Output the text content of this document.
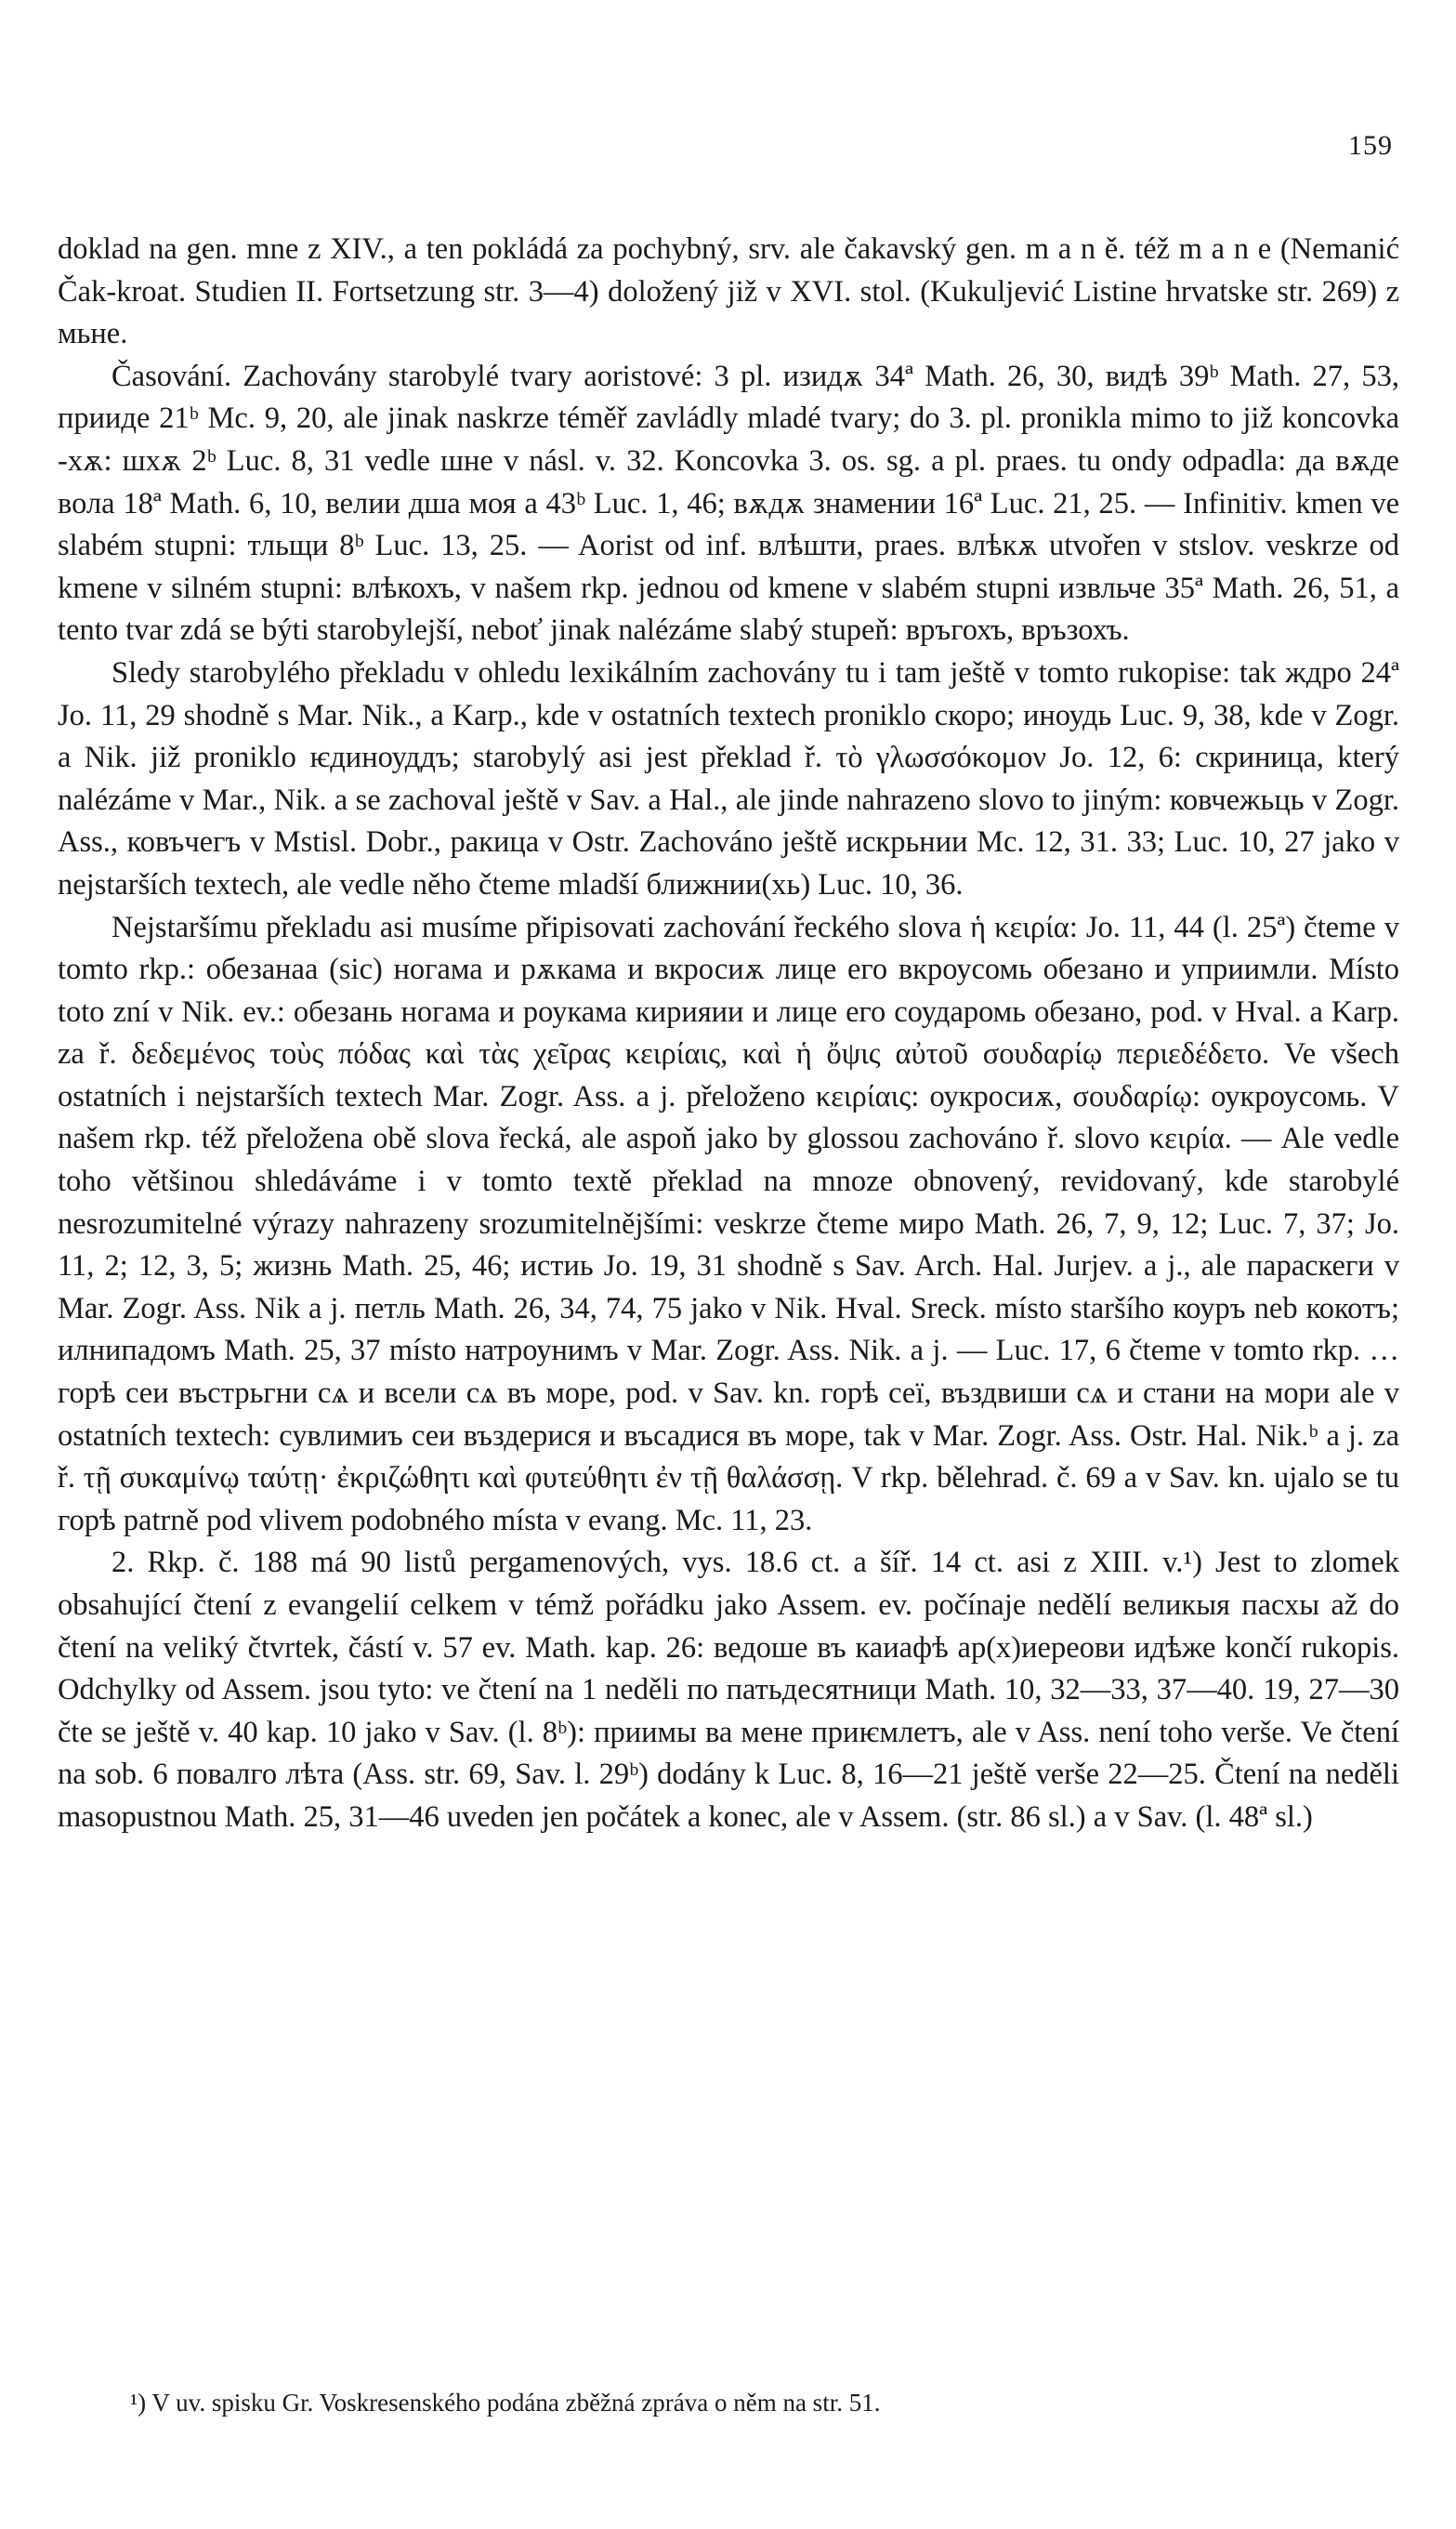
159

doklad na gen. mne z XIV., a ten pokládá za pochybný, srv. ale čakavský gen. m a n ě. též m a n e (Nemanić Čak-kroat. Studien II. Fortsetzung str. 3—4) doložený již v XVI. stol. (Kukuljević Listine hrvatske str. 269) z мьне.

Časování. Zachovány starobylé tvary aoristové: 3 pl. изидѫ 34ª Math. 26, 30, видѣ 39ᵇ Math. 27, 53, прииде 21ᵇ Mc. 9, 20, ale jinak naskrze téměř zavládly mladé tvary; do 3. pl. pronikla mimo to již koncovka -хѫ: шхѫ 2ᵇ Luc. 8, 31 vedle шне v násl. v. 32. Koncovka 3. os. sg. a pl. praes. tu ondy odpadla: да вѫде вола 18ª Math. 6, 10, велии дша моя а 43ᵇ Luc. 1, 46; вѫдѫ знамении 16ª Luc. 21, 25. — Infinitiv. kmen ve slabém stupni: тльщи 8ᵇ Luc. 13, 25. — Aorist od inf. влѣшти, praes. влѣкѫ utvořen v stslov. veskrze od kmene v silném stupni: влѣкохъ, v našem rkp. jednou od kmene v slabém stupni извльче 35ª Math. 26, 51, a tento tvar zdá se býti starobylejší, neboť jinak nalézáme slabý stupeň: връгохъ, връзохъ.

Sledy starobylého překladu v ohledu lexikálním zachovány tu i tam ještě v tomto rukopise: tak ждро 24ª Jo. 11, 29 shodně s Mar. Nik., a Karp., kde v ostatních textech proniklo скоро; иноудь Luc. 9, 38, kde v Zogr. a Nik. již proniklo ѥдиноуддъ; starobylý asi jest překlad ř. τὸ γλωσσόκομον Jo. 12, 6: скриница, který nalézáme v Mar., Nik. a se zachoval ještě v Sav. a Hal., ale jinde nahrazeno slovo to jiným: ковчежьць v Zogr. Ass., ковъчегъ v Mstisl. Dobr., ракица v Ostr. Zachováno ještě искрьнии Mc. 12, 31. 33; Luc. 10, 27 jako v nejstarších textech, ale vedle něho čteme mladší ближнии(хь) Luc. 10, 36.

Nejstaršímu překladu asi musíme připisovati zachování řeckého slova ἡ κειρία: Jo. 11, 44 (l. 25ª) čteme v tomto rkp.: обезанаа (sic) ногама и рѫкама и вкросиѫ лице его вкроусомь обезано и уприимли. Místo toto zní v Nik. ev.: обезань ногама и роукама кирияии и лице его соударомь обезано, pod. v Hval. a Karp. za ř. δεδεμένος τοὺς πόδας καὶ τὰς χεῖρας κειρίαις, καὶ ἡ ὄψις αὐτοῦ σουδαρίῳ περιεδέδετο. Ve všech ostatních i nejstarších textech Mar. Zogr. Ass. a j. přeloženo κειρίαις: оукросиѫ, σουδαρίῳ: оукроусомь. V našem rkp. též přeložena obě slova řecká, ale aspoň jako by glossou zachováno ř. slovo κειρία. — Ale vedle toho většinou shledáváme i v tomto textě překlad na mnoze obnovený, revidovaný, kde starobylé nesrozumitelné výrazy nahrazeny srozumitelnějšími: veskrze čteme миро Math. 26, 7, 9, 12; Luc. 7, 37; Jo. 11, 2; 12, 3, 5; жизнь Math. 25, 46; истиь Jo. 19, 31 shodně s Sav. Arch. Hal. Jurjev. a j., ale параскеги v Mar. Zogr. Ass. Nik a j. петль Math. 26, 34, 74, 75 jako v Nik. Hval. Sreck. místo staršího коуръ neb кокотъ; илнипадомъ Math. 25, 37 místo натроунимъ v Mar. Zogr. Ass. Nik. a j. — Luc. 17, 6 čteme v tomto rkp. … горѣ сеи въстрьгни сѧ и всели сѧ въ море, pod. v Sav. kn. горѣ сеї, въздвиши сѧ и стани на мори ale v ostatních textech: сувлимиъ сеи въздерися и въсадися въ море, tak v Mar. Zogr. Ass. Ostr. Hal. Nik.ᵇ a j. za ř. τῇ συκαμίνῳ ταύτῃ· ἐκριζώθητι καὶ φυτεύθητι ἐν τῇ θαλάσσῃ. V rkp. bělehrad. č. 69 a v Sav. kn. ujalo se tu горѣ patrně pod vlivem podobného místa v evang. Mc. 11, 23.

2. Rkp. č. 188 má 90 listů pergamenových, vys. 18.6 ct. a šíř. 14 ct. asi z XIII. v.¹) Jest to zlomek obsahující čtení z evangelií celkem v témž pořádku jako Assem. ev. počínaje nedělí великыя пасхы až do čtení na veliký čtvrtek, částí v. 57 ev. Math. kap. 26: ведоше въ каиафѣ ар(х)иереови идѣже končí rukopis. Odchylky od Assem. jsou tyto: ve čtení na 1 neděli по патьдесятници Math. 10, 32—33, 37—40. 19, 27—30 čte se ještě v. 40 kap. 10 jako v Sav. (l. 8ᵇ): приимы ва мене приѥмлетъ, ale v Ass. není toho verše. Ve čtení na sob. 6 повалго лѣта (Ass. str. 69, Sav. l. 29ᵇ) dodány k Luc. 8, 16—21 ještě verše 22—25. Čtení na neděli masopustnou Math. 25, 31—46 uveden jen počátek a konec, ale v Assem. (str. 86 sl.) a v Sav. (l. 48ª sl.)

¹) V uv. spisku Gr. Voskresenského podána zběžná zpráva o něm na str. 51.
